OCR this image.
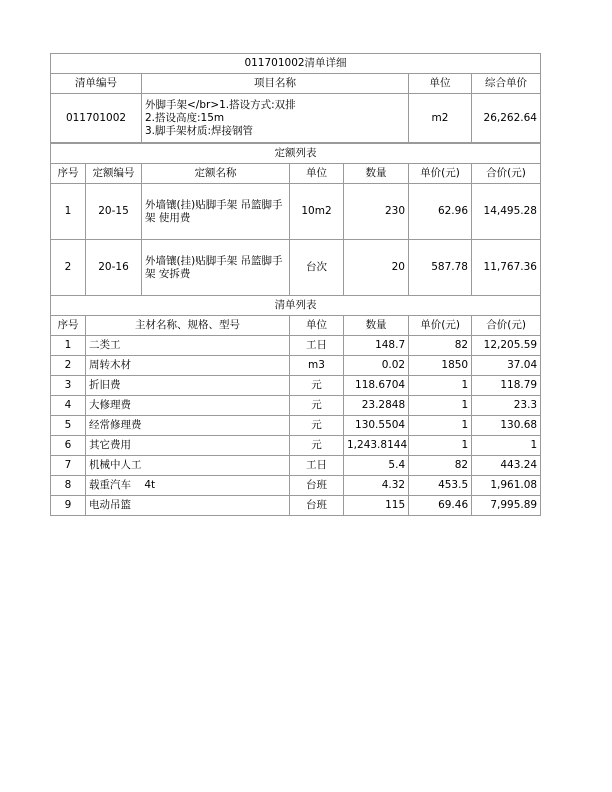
011701002清单详细			
清单编号	项目名称	单位	综合单价
011701002	外脚手架</br>1.搭设方式:双排
2.搭设高度:15m
3.脚手架材质:焊接钢管	m2	26,262.64
定额列表						
序号	定额编号	定额名称	单位	数量	单价(元)	合价(元)
1	20-15	外墙镶(挂)贴脚手架 吊篮脚手架 使用费	10m2	230	62.96	14,495.28
2	20-16	外墙镶(挂)贴脚手架 吊篮脚手架 安拆费	台次	20	587.78	11,767.36
清单列表					
序号	主材名称、规格、型号	单位	数量	单价(元)	合价(元)
1	二类工	工日	148.7	82	12,205.59
2	周转木材	m3	0.02	1850	37.04
3	折旧费	元	118.6704	1	118.79
4	大修理费	元	23.2848	1	23.3
5	经常修理费	元	130.5504	1	130.68
6	其它费用	元	1,243.8144	1	1
7	机械中人工	工日	5.4	82	443.24
8	载重汽车    4t	台班	4.32	453.5	1,961.08
9	电动吊篮	台班	115	69.46	7,995.89
